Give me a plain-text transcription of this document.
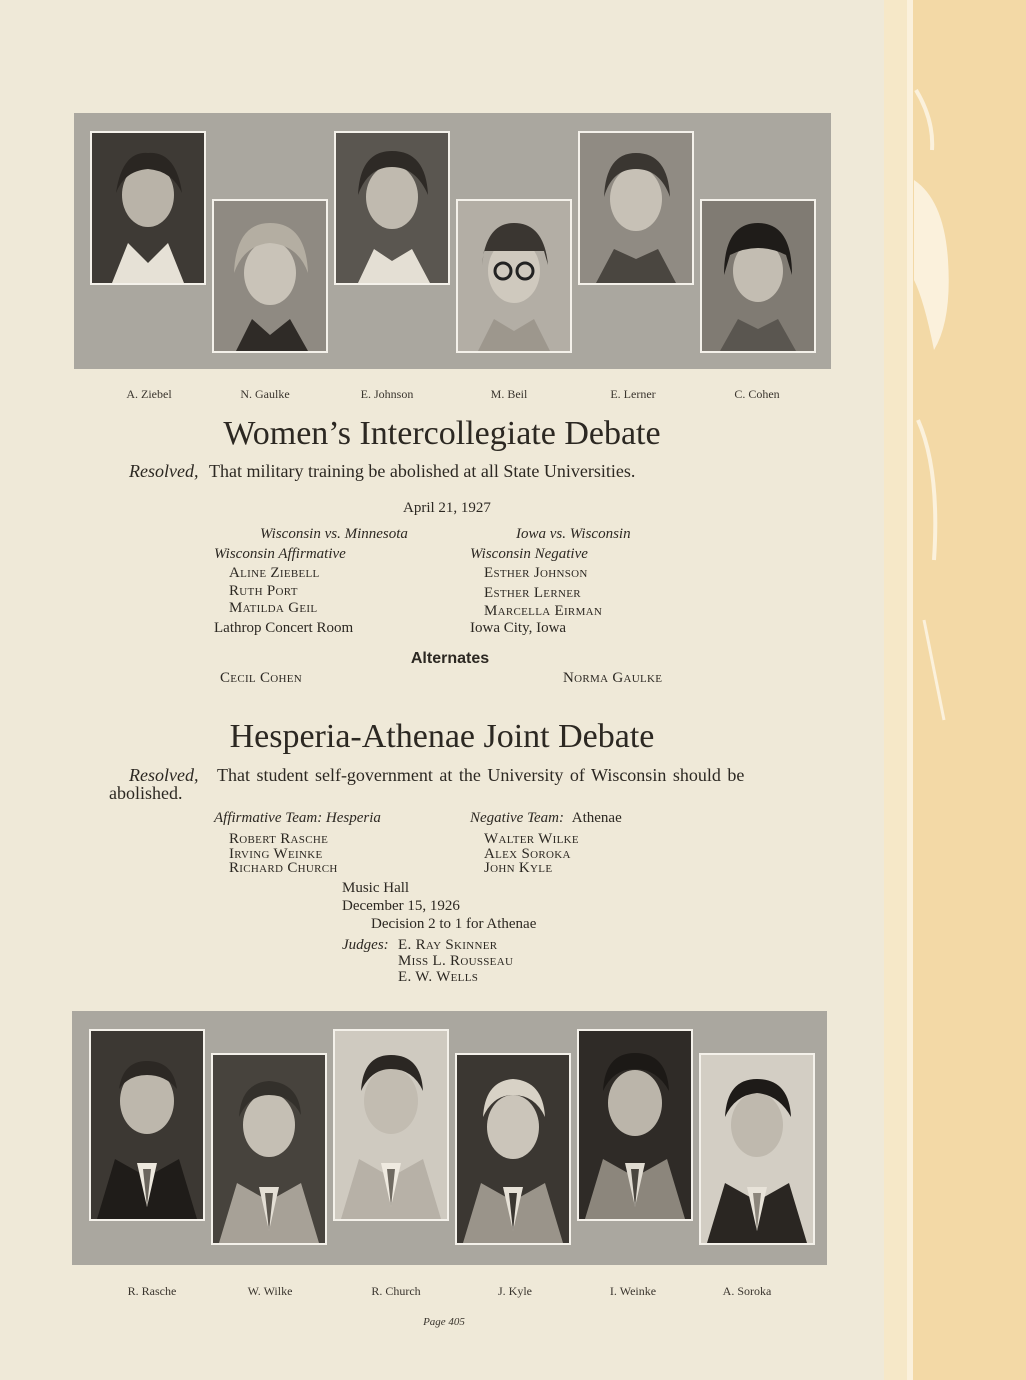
A. Ziebel	N. Gaulke	E. Johnson	M. Beil	E. Lerner	C. Cohen
Women’s Intercollegiate Debate
Resolved, That military training be abolished at all State Universities.
April 21, 1927
Wisconsin vs. Minnesota	Iowa vs. Wisconsin
Wisconsin Affirmative
Aline Ziebell
Ruth Port
Matilda Geil
Lathrop Concert Room
Wisconsin Negative
Esther Johnson
Esther Lerner
Marcella Eirman
Iowa City, Iowa
Alternates
Cecil Cohen	Norma Gaulke
Hesperia-Athenae Joint Debate
Resolved, That student self-government at the University of Wisconsin should be
abolished.
Affirmative Team: Hesperia	Negative Team: Athenae
Robert Rasche
Irving Weinke
Richard Church
Walter Wilke
Alex Soroka
John Kyle
Music Hall
December 15, 1926
Decision 2 to 1 for Athenae
Judges: E. Ray Skinner
Miss L. Rousseau
E. W. Wells
R. Rasche	W. Wilke	R. Church	J. Kyle	I. Weinke	A. Soroka
Page 405
